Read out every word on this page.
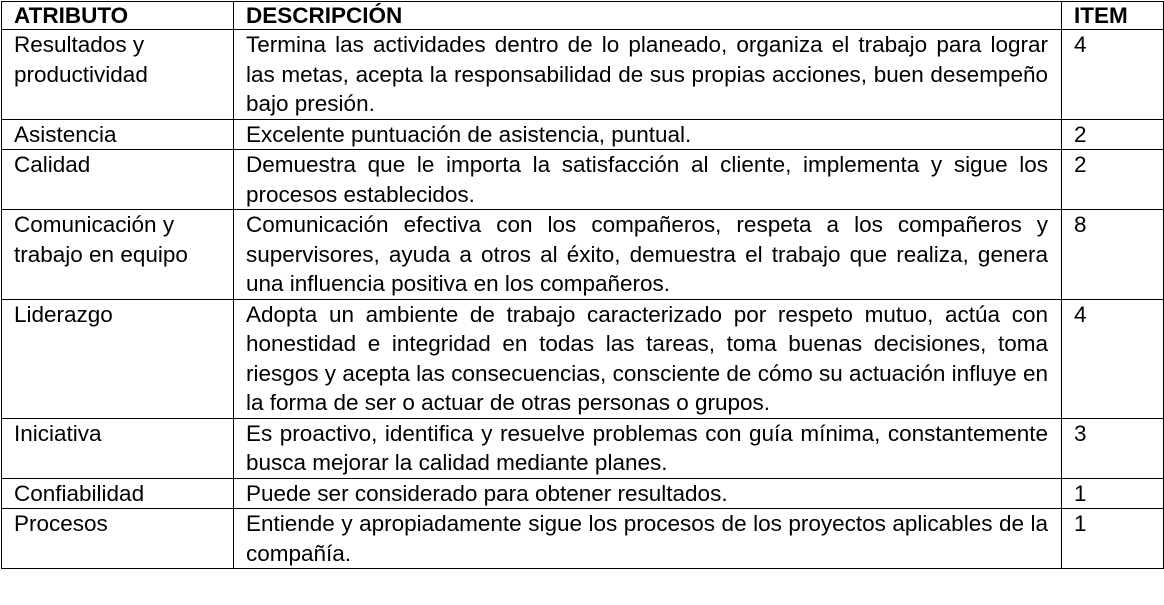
ATRIBUTO	DESCRIPCIÓN	ITEM
Resultados y productividad	Termina las actividades dentro de lo planeado, organiza el trabajo para lograr las metas, acepta la responsabilidad de sus propias acciones, buen desempeño bajo presión.	4
Asistencia	Excelente puntuación de asistencia, puntual.	2
Calidad	Demuestra que le importa la satisfacción al cliente, implementa y sigue los procesos establecidos.	2
Comunicación y trabajo en equipo	Comunicación efectiva con los compañeros, respeta a los compañeros y supervisores, ayuda a otros al éxito, demuestra el trabajo que realiza, genera una influencia positiva en los compañeros.	8
Liderazgo	Adopta un ambiente de trabajo caracterizado por respeto mutuo, actúa con honestidad e integridad en todas las tareas, toma buenas decisiones, toma riesgos y acepta las consecuencias, consciente de cómo su actuación influye en la forma de ser o actuar de otras personas o grupos.	4
Iniciativa	Es proactivo, identifica y resuelve problemas con guía mínima, constantemente busca mejorar la calidad mediante planes.	3
Confiabilidad	Puede ser considerado para obtener resultados.	1
Procesos	Entiende y apropiadamente sigue los procesos de los proyectos aplicables de la compañía.	1
